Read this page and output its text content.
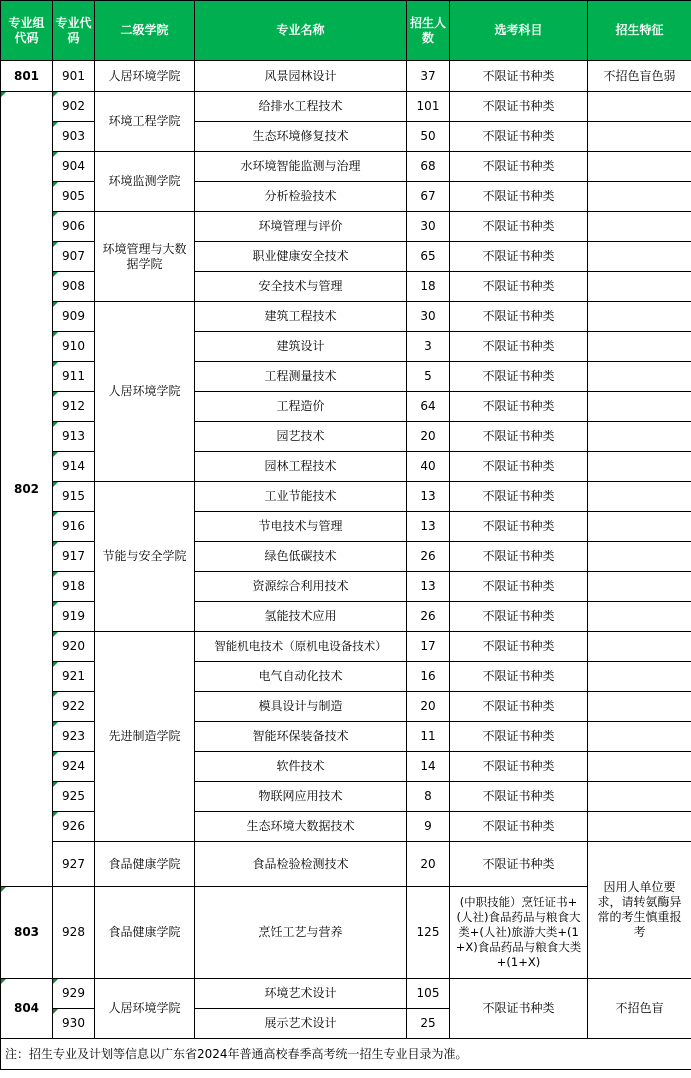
专业组代码	专业代码	二级学院	专业名称	招生人数	选考科目	招生特征
801	901	人居环境学院	风景园林设计	37	不限证书种类	不招色盲色弱
802	902	环境工程学院	给排水工程技术	101	不限证书种类	
	903		生态环境修复技术	50	不限证书种类	
	904	环境监测学院	水环境智能监测与治理	68	不限证书种类	
	905		分析检验技术	67	不限证书种类	
	906	环境管理与大数据学院	环境管理与评价	30	不限证书种类	
	907		职业健康安全技术	65	不限证书种类	
	908		安全技术与管理	18	不限证书种类	
	909	人居环境学院	建筑工程技术	30	不限证书种类	
	910		建筑设计	3	不限证书种类	
	911		工程测量技术	5	不限证书种类	
	912		工程造价	64	不限证书种类	
	913		园艺技术	20	不限证书种类	
	914		园林工程技术	40	不限证书种类	
	915	节能与安全学院	工业节能技术	13	不限证书种类	
	916		节电技术与管理	13	不限证书种类	
	917		绿色低碳技术	26	不限证书种类	
	918		资源综合利用技术	13	不限证书种类	
	919		氢能技术应用	26	不限证书种类	
	920	先进制造学院	智能机电技术（原机电设备技术）	17	不限证书种类	
	921		电气自动化技术	16	不限证书种类	
	922		模具设计与制造	20	不限证书种类	
	923		智能环保装备技术	11	不限证书种类	
	924		软件技术	14	不限证书种类	
	925		物联网应用技术	8	不限证书种类	
	926		生态环境大数据技术	9	不限证书种类	
	927	食品健康学院	食品检验检测技术	20	不限证书种类	因用人单位要求，请转氨酶异常的考生慎重报考
803	928	食品健康学院	烹饪工艺与营养	125	(中职技能）烹饪证书+(人社)食品药品与粮食大类+(人社)旅游大类+(1+X)食品药品与粮食大类+(1+X)	
804	929	人居环境学院	环境艺术设计	105	不限证书种类	不招色盲
	930		展示艺术设计	25		
注：招生专业及计划等信息以广东省2024年普通高校春季高考统一招生专业目录为准。						
